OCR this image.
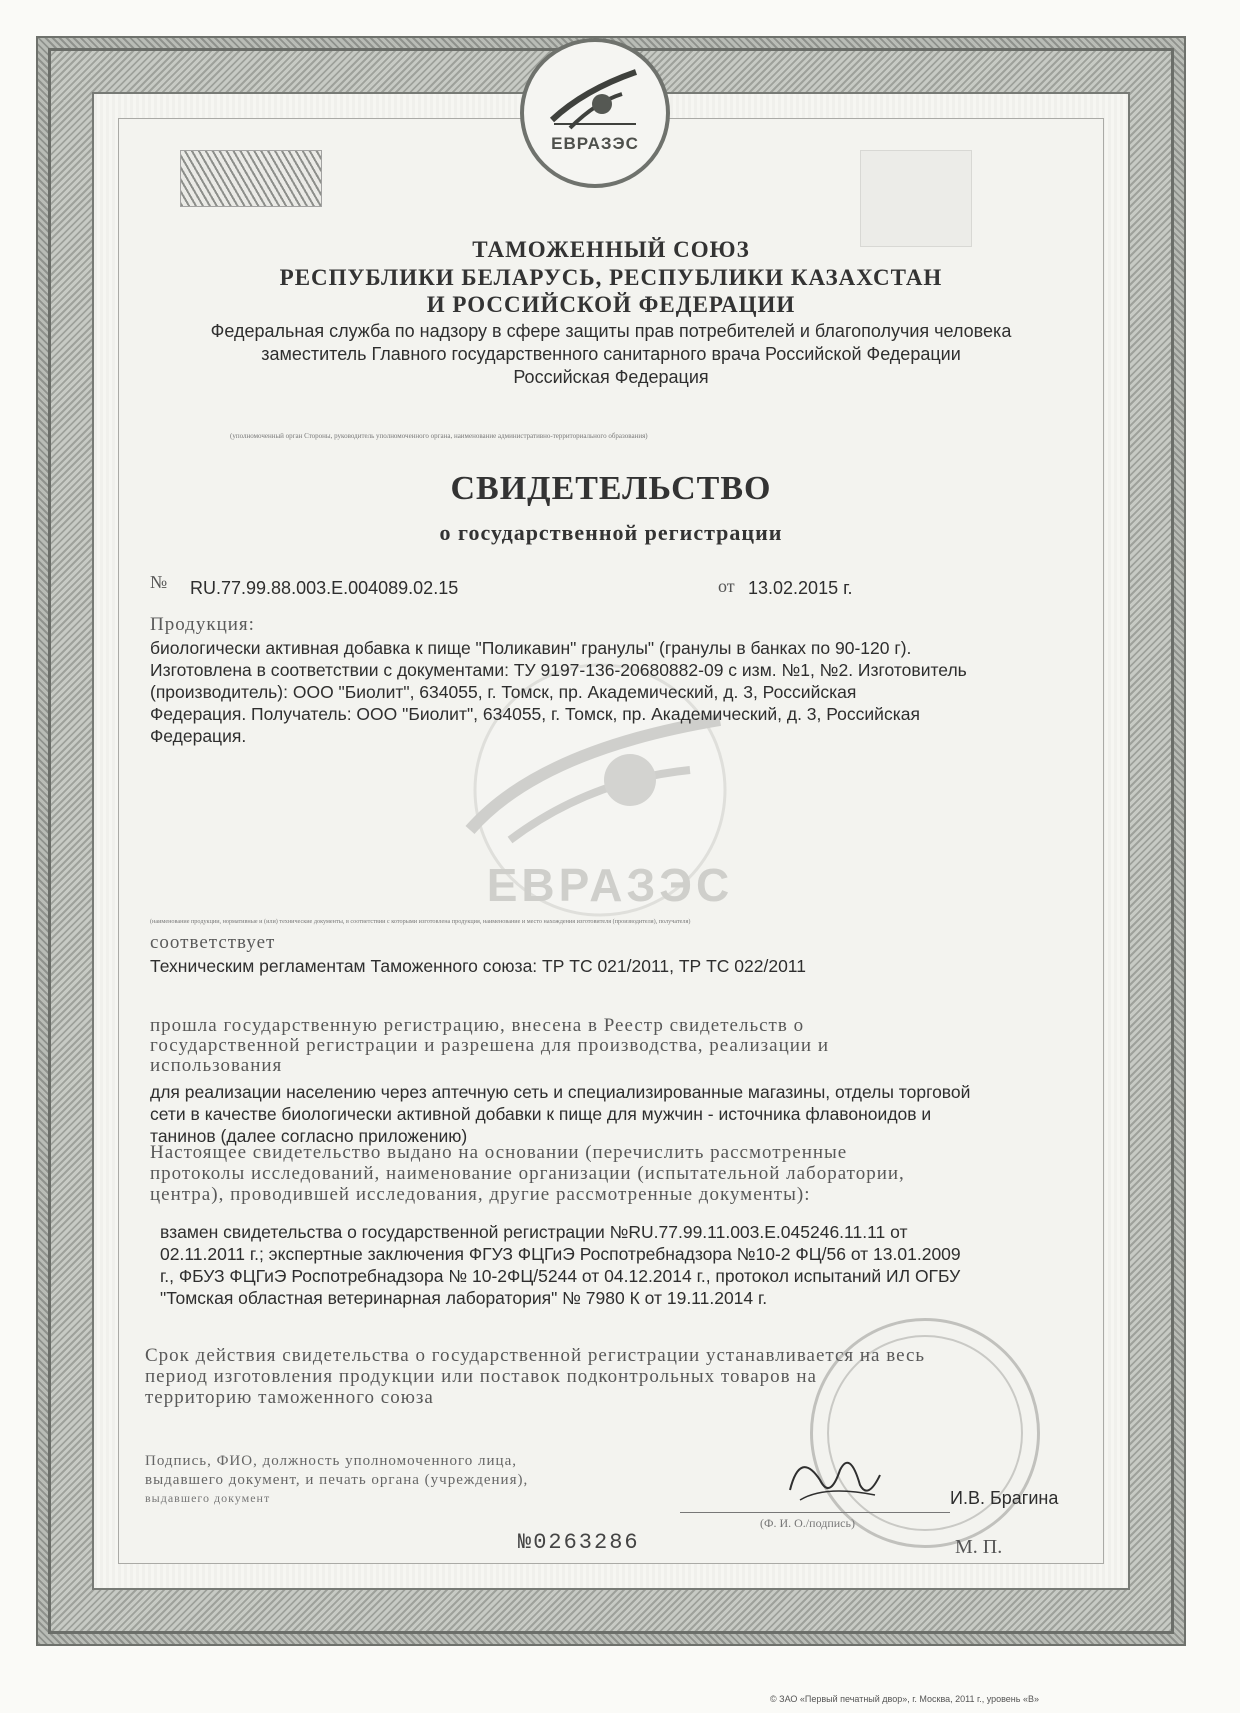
ЕВРАЗЭС
ЕВРАЗЭС
ТАМОЖЕННЫЙ СОЮЗ
РЕСПУБЛИКИ БЕЛАРУСЬ, РЕСПУБЛИКИ КАЗАХСТАН
И РОССИЙСКОЙ ФЕДЕРАЦИИ
Федеральная служба по надзору в сфере защиты прав потребителей и благополучия человека
заместитель Главного государственного санитарного врача Российской Федерации
Российская Федерация
(уполномоченный орган Стороны, руководитель уполномоченного органа, наименование административно-территориального образования)
СВИДЕТЕЛЬСТВО
о государственной регистрации
№ RU.77.99.88.003.E.004089.02.15	от 13.02.2015 г.
Продукция:
биологически активная добавка к пище "Поликавин" гранулы" (гранулы в банках по 90-120 г).
Изготовлена в соответствии с документами: ТУ 9197-136-20680882-09 с изм. №1, №2. Изготовитель
(производитель): ООО "Биолит", 634055, г. Томск, пр. Академический, д. 3, Российская
Федерация. Получатель: ООО "Биолит", 634055, г. Томск, пр. Академический, д. 3, Российская
Федерация.
(наименование продукции, нормативные и (или) технические документы, в соответствии с которыми изготовлена продукция, наименование и место нахождения изготовителя (производителя), получателя)
соответствует
Техническим регламентам Таможенного союза: ТР ТС 021/2011, ТР ТС 022/2011
прошла государственную регистрацию, внесена в Реестр свидетельств о
государственной регистрации и разрешена для производства, реализации и
использования
для реализации населению через аптечную сеть и специализированные магазины, отделы торговой
сети в качестве биологически активной добавки к пище для мужчин - источника флавоноидов и
танинов (далее согласно приложению)
Настоящее свидетельство выдано на основании (перечислить рассмотренные
протоколы исследований, наименование организации (испытательной лаборатории,
центра), проводившей исследования, другие рассмотренные документы):
взамен свидетельства о государственной регистрации №RU.77.99.11.003.E.045246.11.11 от
02.11.2011 г.; экспертные заключения ФГУЗ ФЦГиЭ Роспотребнадзора №10-2 ФЦ/56 от 13.01.2009
г., ФБУЗ ФЦГиЭ Роспотребнадзора № 10-2ФЦ/5244 от 04.12.2014 г., протокол испытаний ИЛ ОГБУ
"Томская областная ветеринарная лаборатория" № 7980 К от 19.11.2014 г.
Срок действия свидетельства о государственной регистрации устанавливается на весь
период изготовления продукции или поставок подконтрольных товаров на
территорию таможенного союза
Подпись, ФИО, должность уполномоченного лица,
выдавшего документ, и печать органа (учреждения),
выдавшего документ	И.В. Брагина
(Ф. И. О./подпись)
М. П.
№0263286
© ЗАО «Первый печатный двор», г. Москва, 2011 г., уровень «В»
